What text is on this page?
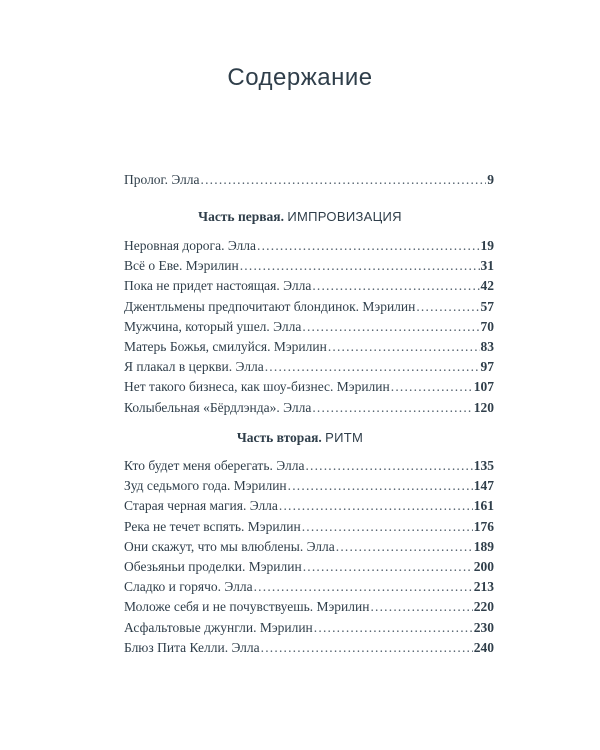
Содержание
Пролог. Элла .....	9
Часть первая. ИМПРОВИЗАЦИЯ
Неровная дорога. Элла .....	19
Всё о Еве. Мэрилин .....	31
Пока не придет настоящая. Элла .....	42
Джентльмены предпочитают блондинок. Мэрилин .....	57
Мужчина, который ушел. Элла .....	70
Матерь Божья, смилуйся. Мэрилин .....	83
Я плакал в церкви. Элла .....	97
Нет такого бизнеса, как шоу-бизнес. Мэрилин .....	107
Колыбельная «Бёрдлэнда». Элла .....	120
Часть вторая. РИТМ
Кто будет меня оберегать. Элла .....	135
Зуд седьмого года. Мэрилин .....	147
Старая черная магия. Элла .....	161
Река не течет вспять. Мэрилин .....	176
Они скажут, что мы влюблены. Элла .....	189
Обезьяньи проделки. Мэрилин .....	200
Сладко и горячо. Элла .....	213
Моложе себя и не почувствуешь. Мэрилин .....	220
Асфальтовые джунгли. Мэрилин .....	230
Блюз Пита Келли. Элла .....	240
